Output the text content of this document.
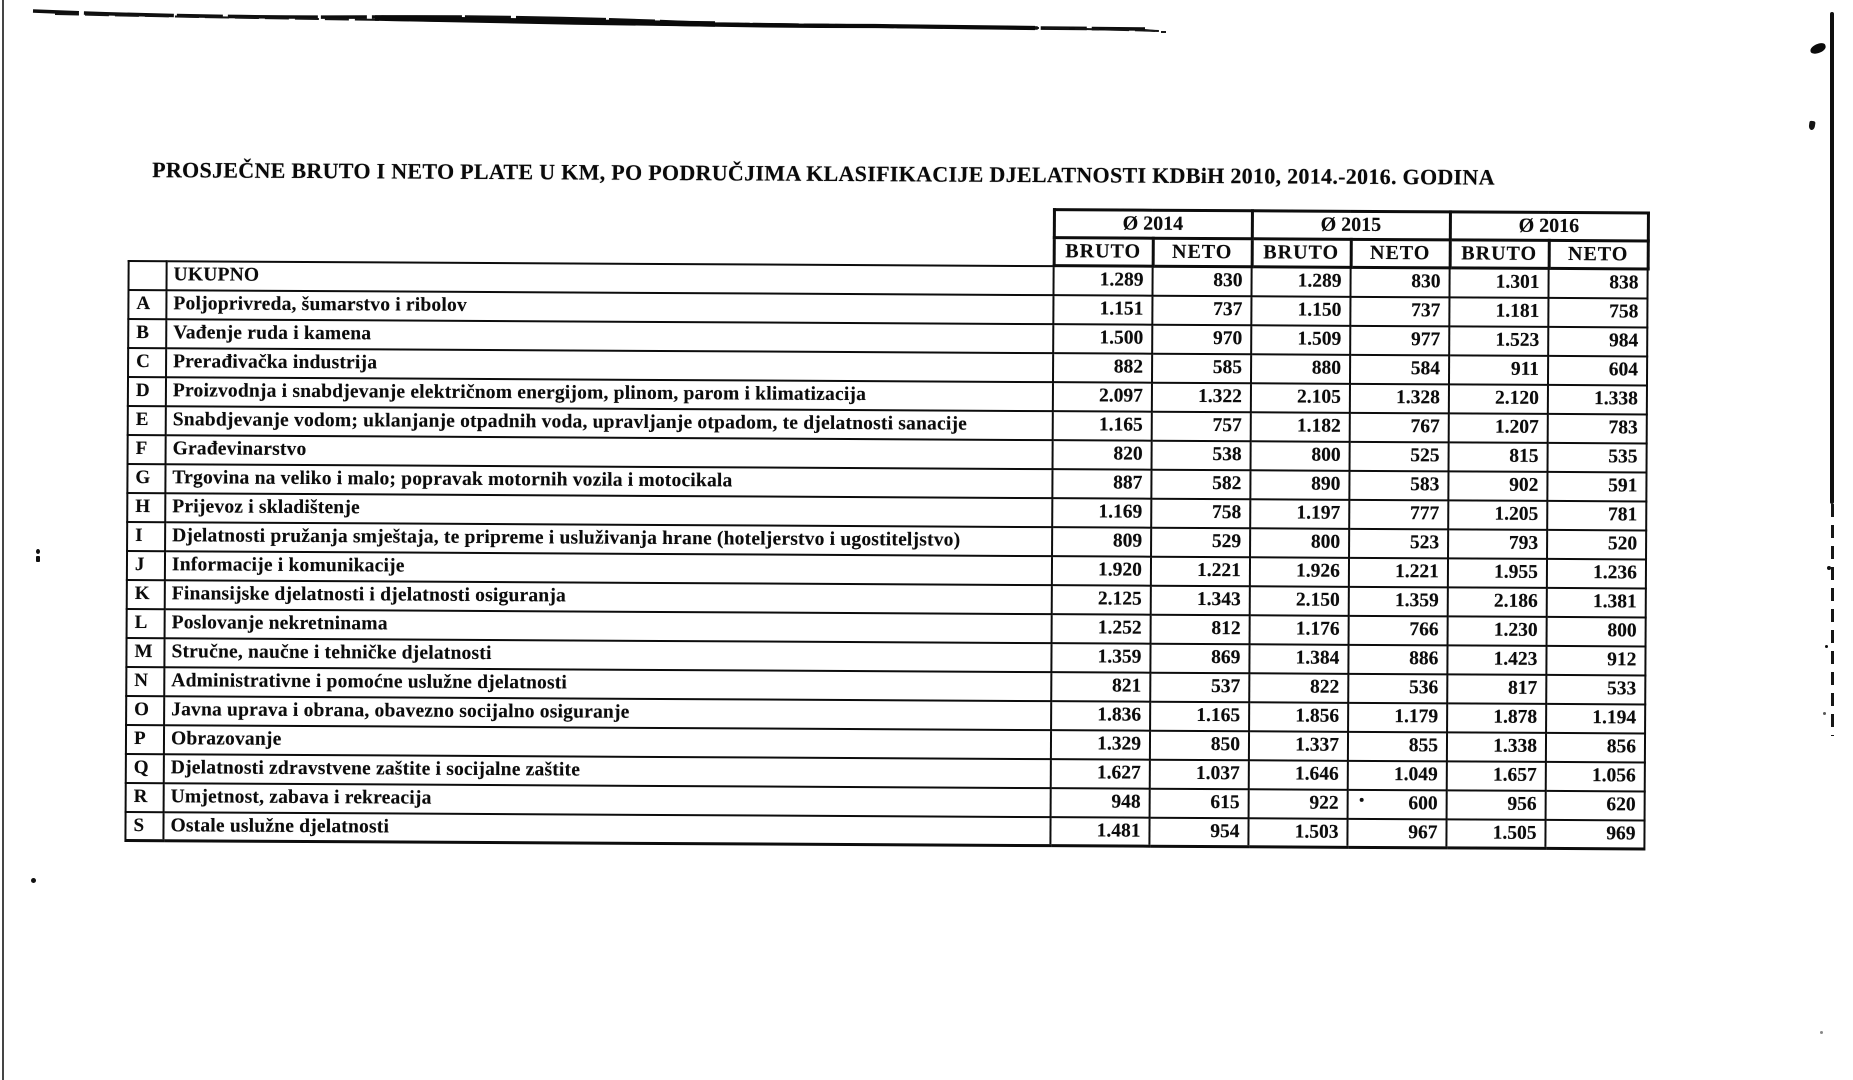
PROSJEČNE BRUTO I NETO PLATE U KM, PO PODRUČJIMA KLASIFIKACIJE DJELATNOSTI KDBiH 2010, 2014.-2016. GODINA
		Ø 2014		Ø 2015		Ø 2016	
		BRUTO	NETO	BRUTO	NETO	BRUTO	NETO
	UKUPNO	1.289	830	1.289	830	1.301	838
A	Poljoprivreda, šumarstvo i ribolov	1.151	737	1.150	737	1.181	758
B	Vađenje ruda i kamena	1.500	970	1.509	977	1.523	984
C	Prerađivačka industrija	882	585	880	584	911	604
D	Proizvodnja i snabdjevanje električnom energijom, plinom, parom i klimatizacija	2.097	1.322	2.105	1.328	2.120	1.338
E	Snabdjevanje vodom; uklanjanje otpadnih voda, upravljanje otpadom, te djelatnosti sanacije	1.165	757	1.182	767	1.207	783
F	Građevinarstvo	820	538	800	525	815	535
G	Trgovina na veliko i malo; popravak motornih vozila i motocikala	887	582	890	583	902	591
H	Prijevoz i skladištenje	1.169	758	1.197	777	1.205	781
I	Djelatnosti pružanja smještaja, te pripreme i usluživanja hrane (hoteljerstvo i ugostiteljstvo)	809	529	800	523	793	520
J	Informacije i komunikacije	1.920	1.221	1.926	1.221	1.955	1.236
K	Finansijske djelatnosti i djelatnosti osiguranja	2.125	1.343	2.150	1.359	2.186	1.381
L	Poslovanje nekretninama	1.252	812	1.176	766	1.230	800
M	Stručne, naučne i tehničke djelatnosti	1.359	869	1.384	886	1.423	912
N	Administrativne i pomoćne uslužne djelatnosti	821	537	822	536	817	533
O	Javna uprava i obrana, obavezno socijalno osiguranje	1.836	1.165	1.856	1.179	1.878	1.194
P	Obrazovanje	1.329	850	1.337	855	1.338	856
Q	Djelatnosti zdravstvene zaštite i socijalne zaštite	1.627	1.037	1.646	1.049	1.657	1.056
R	Umjetnost, zabava i rekreacija	948	615	922	600	956	620
S	Ostale uslužne djelatnosti	1.481	954	1.503	967	1.505	969
